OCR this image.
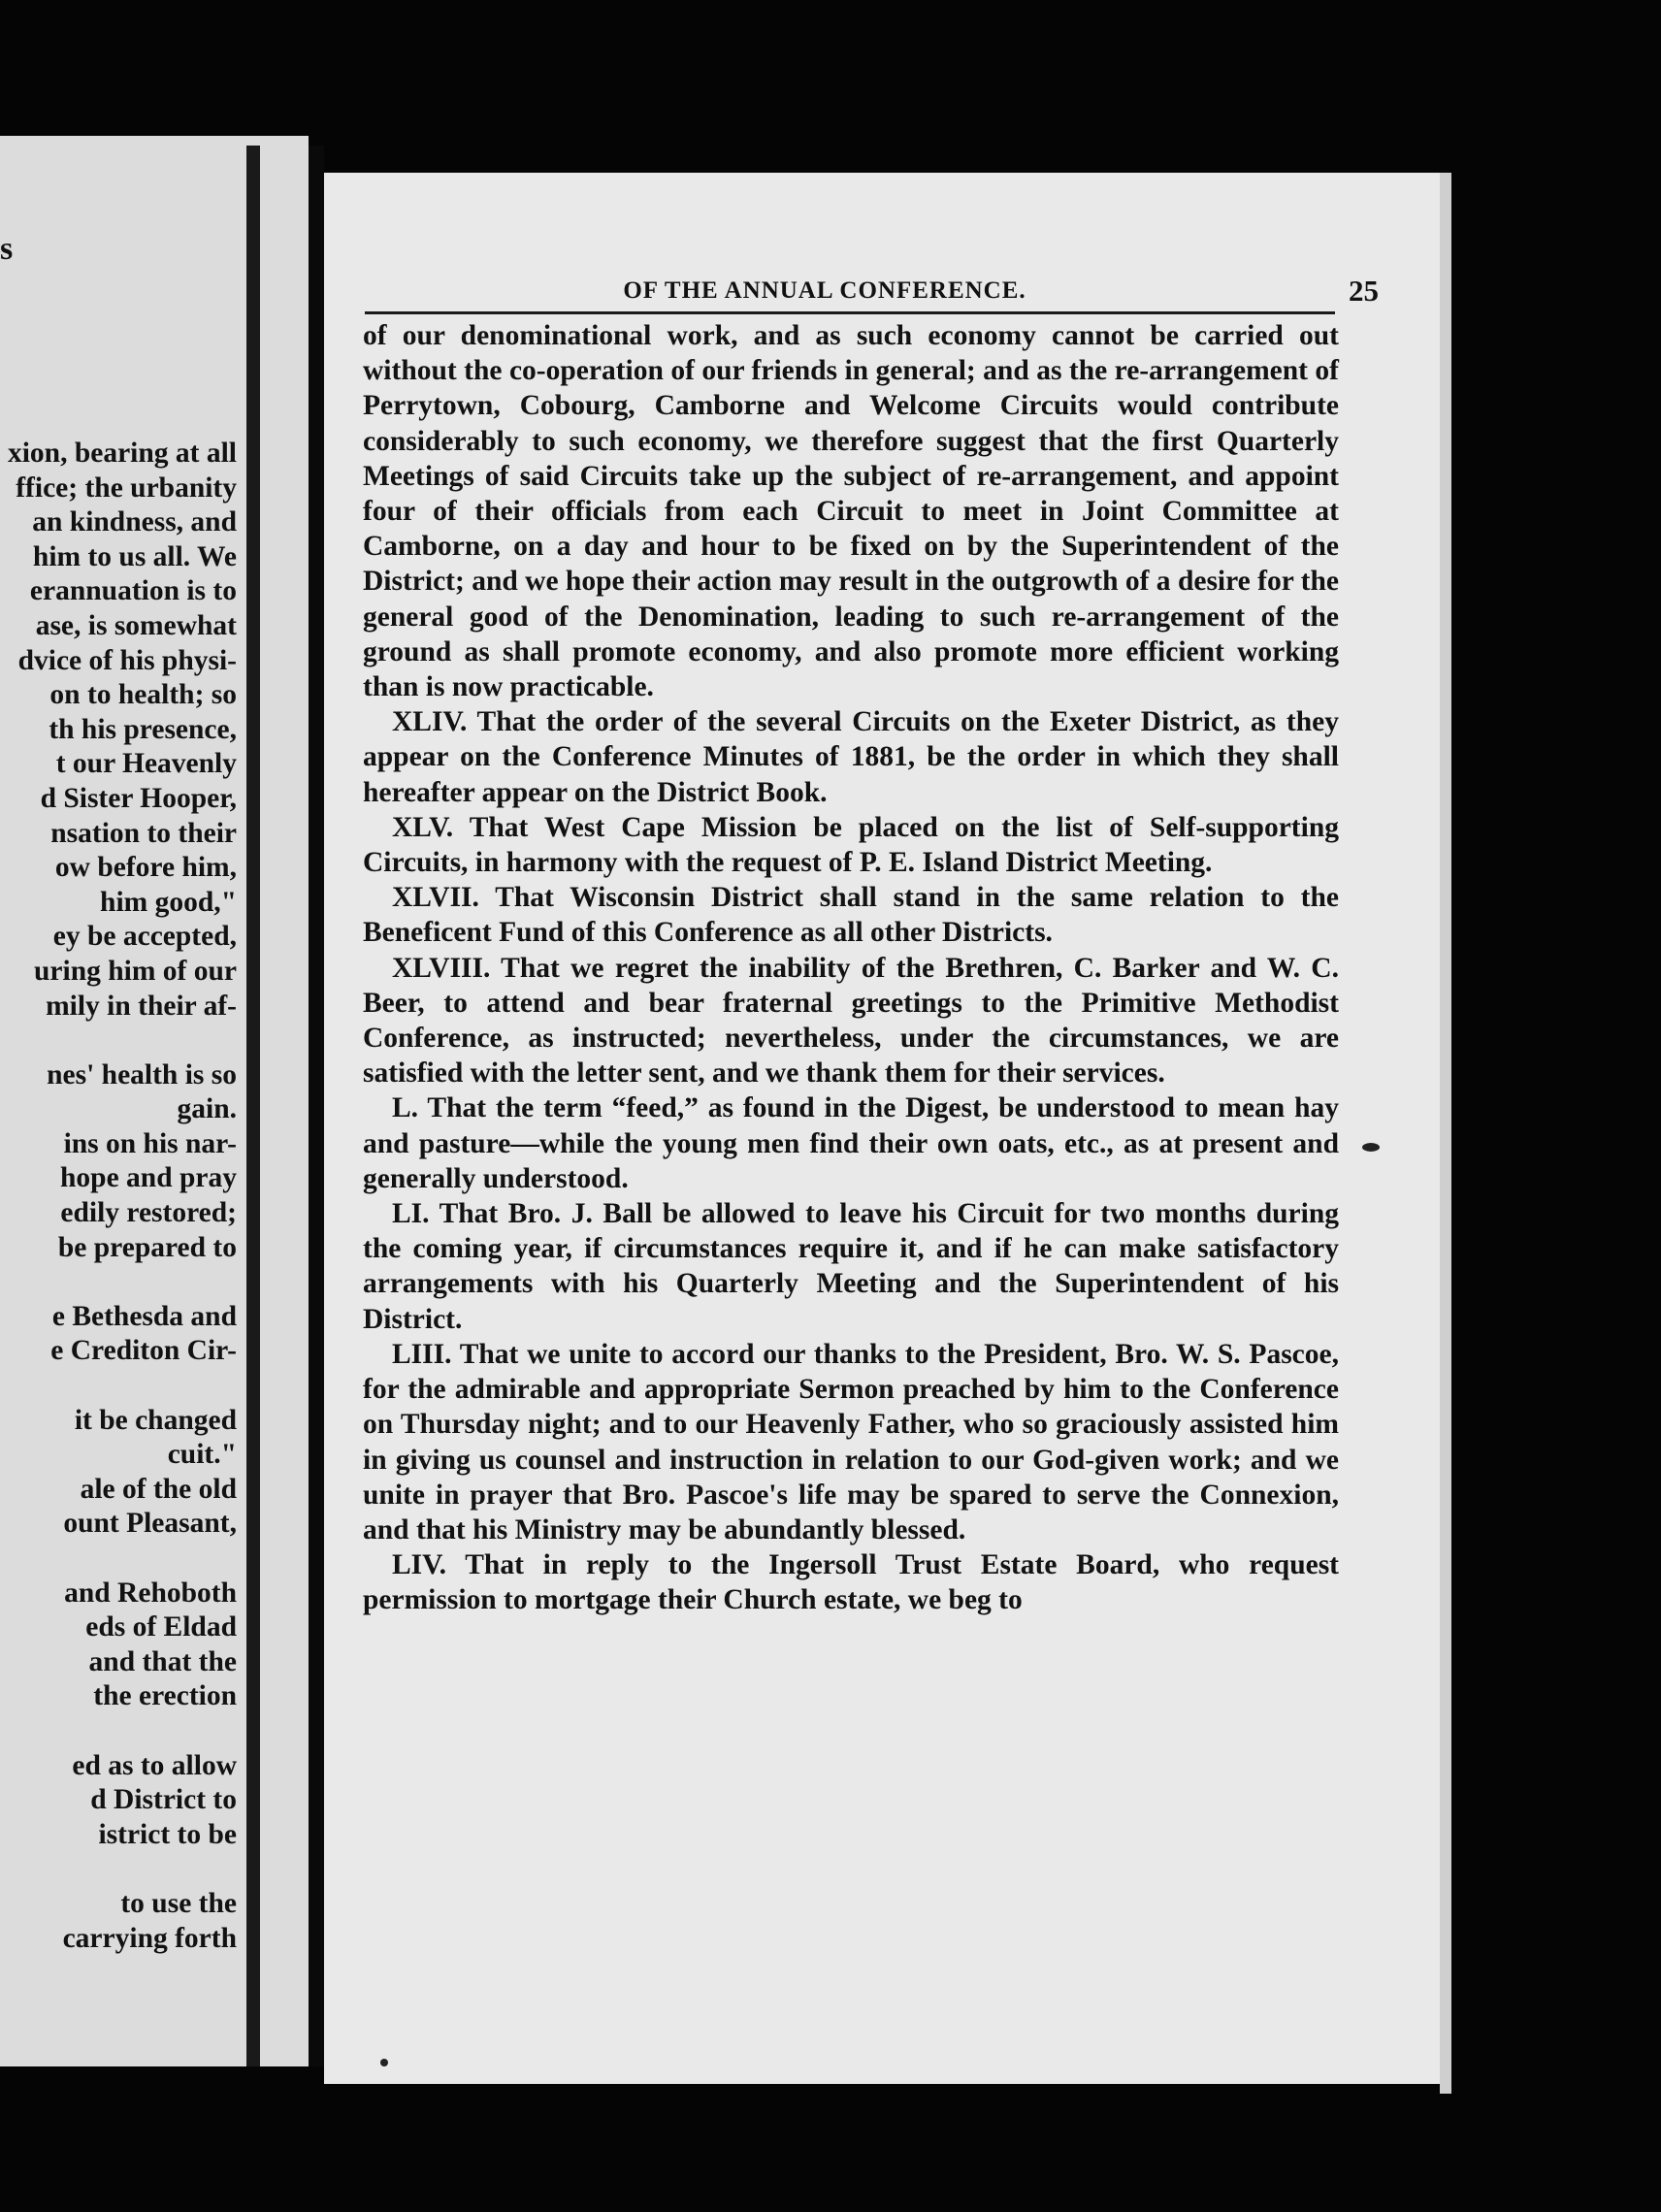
s
xion, bearing at all
ffice; the urbanity
an kindness, and
him to us all. We
erannuation is to
ase, is somewhat
dvice of his physi-
on to health; so
th his presence,
t our Heavenly
d Sister Hooper,
nsation to their
ow before him,
him good,"
ey be accepted,
uring him of our
mily in their af-
nes' health is so
gain.
ins on his nar-
hope and pray
edily restored;
be prepared to
e Bethesda and
e Crediton Cir-
it be changed
cuit."
ale of the old
ount Pleasant,
and Rehoboth
eds of Eldad
and that the
the erection
ed as to allow
d District to
istrict to be
to use the
carrying forth
OF THE ANNUAL CONFERENCE.	25

of our denominational work, and as such economy cannot be carried out without the co-operation of our friends in general; and as the re-arrangement of Perrytown, Cobourg, Camborne and Welcome Circuits would contribute considerably to such economy, we therefore suggest that the first Quarterly Meetings of said Circuits take up the subject of re-arrangement, and appoint four of their officials from each Circuit to meet in Joint Committee at Camborne, on a day and hour to be fixed on by the Superintendent of the District; and we hope their action may result in the outgrowth of a desire for the general good of the Denomination, leading to such re-arrangement of the ground as shall promote economy, and also promote more efficient working than is now practicable.

XLIV. That the order of the several Circuits on the Exeter District, as they appear on the Conference Minutes of 1881, be the order in which they shall hereafter appear on the District Book.

XLV. That West Cape Mission be placed on the list of Self-supporting Circuits, in harmony with the request of P. E. Island District Meeting.

XLVII. That Wisconsin District shall stand in the same relation to the Beneficent Fund of this Conference as all other Districts.

XLVIII. That we regret the inability of the Brethren, C. Barker and W. C. Beer, to attend and bear fraternal greetings to the Primitive Methodist Conference, as instructed; nevertheless, under the circumstances, we are satisfied with the letter sent, and we thank them for their services.

L. That the term “feed,” as found in the Digest, be understood to mean hay and pasture—while the young men find their own oats, etc., as at present and generally understood.

LI. That Bro. J. Ball be allowed to leave his Circuit for two months during the coming year, if circumstances require it, and if he can make satisfactory arrangements with his Quarterly Meeting and the Superintendent of his District.

LIII. That we unite to accord our thanks to the President, Bro. W. S. Pascoe, for the admirable and appropriate Sermon preached by him to the Conference on Thursday night; and to our Heavenly Father, who so graciously assisted him in giving us counsel and instruction in relation to our God-given work; and we unite in prayer that Bro. Pascoe's life may be spared to serve the Connexion, and that his Ministry may be abundantly blessed.

LIV. That in reply to the Ingersoll Trust Estate Board, who request permission to mortgage their Church estate, we beg to
